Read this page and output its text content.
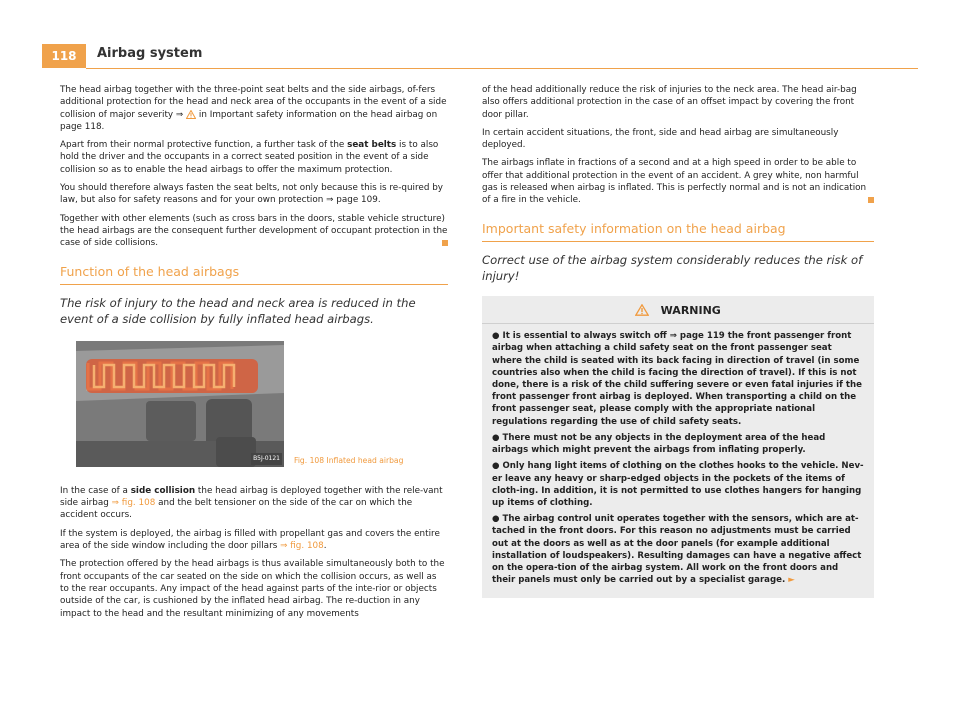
118	Airbag system

The head airbag together with the three-point seat belts and the side airbags, of-fers additional protection for the head and neck area of the occupants in the event of a side collision of major severity ⇒  in Important safety information on the head airbag on page 118.

Apart from their normal protective function, a further task of the seat belts is to also hold the driver and the occupants in a correct seated position in the event of a side collision so as to enable the head airbags to offer the maximum protection.

You should therefore always fasten the seat belts, not only because this is re-quired by law, but also for safety reasons and for your own protection ⇒ page 109.

Together with other elements (such as cross bars in the doors, stable vehicle structure) the head airbags are the consequent further development of occupant protection in the case of side collisions.

Function of the head airbags
The risk of injury to the head and neck area is reduced in the event of a side collision by fully inflated head airbags.
B5J-0121 Fig. 108 Inflated head airbag

In the case of a side collision the head airbag is deployed together with the rele-vant side airbag ⇒ fig. 108 and the belt tensioner on the side of the car on which the accident occurs.

If the system is deployed, the airbag is filled with propellant gas and covers the entire area of the side window including the door pillars ⇒ fig. 108.

The protection offered by the head airbags is thus available simultaneously both to the front occupants of the car seated on the side on which the collision occurs, as well as to the rear occupants. Any impact of the head against parts of the inte-rior or objects outside of the car, is cushioned by the inflated head airbag. The re-duction in any impact to the head and the resultant minimizing of any movements

of the head additionally reduce the risk of injuries to the neck area. The head air-bag also offers additional protection in the case of an offset impact by covering the front door pillar.

In certain accident situations, the front, side and head airbag are simultaneously deployed.

The airbags inflate in fractions of a second and at a high speed in order to be able to offer that additional protection in the event of an accident. A grey white, non harmful gas is released when airbag is inflated. This is perfectly normal and is not an indication of a fire in the vehicle.

Important safety information on the head airbag
Correct use of the airbag system considerably reduces the risk of injury!
WARNING

● It is essential to always switch off ⇒ page 119 the front passenger front airbag when attaching a child safety seat on the front passenger seat where the child is seated with its back facing in direction of travel (in some countries also when the child is facing the direction of travel). If this is not done, there is a risk of the child suffering severe or even fatal injuries if the front passenger front airbag is deployed. When transporting a child on the front passenger seat, please comply with the appropriate national regulations regarding the use of child safety seats.

● There must not be any objects in the deployment area of the head airbags which might prevent the airbags from inflating properly.

● Only hang light items of clothing on the clothes hooks to the vehicle. Nev-er leave any heavy or sharp-edged objects in the pockets of the items of cloth-ing. In addition, it is not permitted to use clothes hangers for hanging up items of clothing.

● The airbag control unit operates together with the sensors, which are at-tached in the front doors. For this reason no adjustments must be carried out at the doors as well as at the door panels (for example additional installation of loudspeakers). Resulting damages can have a negative affect on the opera-tion of the airbag system. All work on the front doors and their panels must only be carried out by a specialist garage. ►
